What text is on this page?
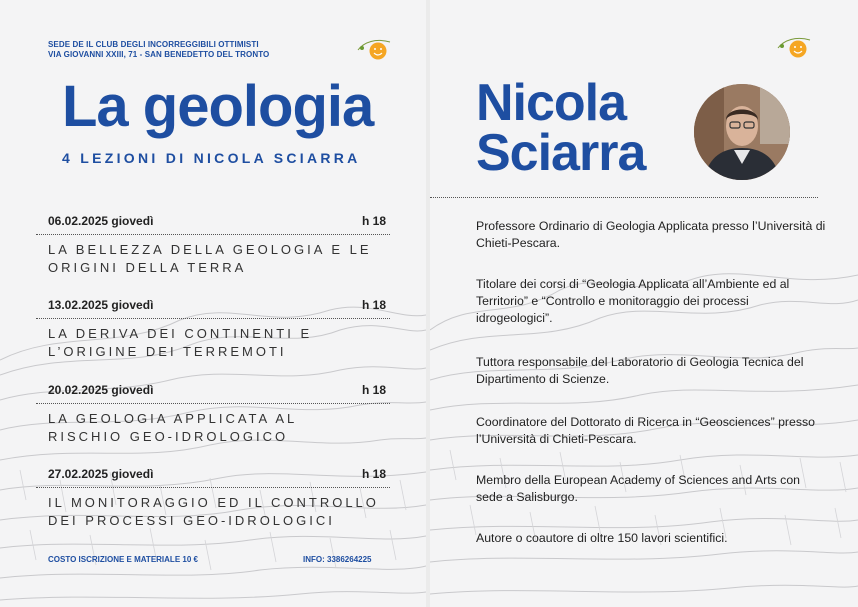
SEDE DE IL CLUB DEGLI INCORREGGIBILI OTTIMISTI
VIA GIOVANNI XXIII, 71 - SAN BENEDETTO DEL TRONTO
La geologia
4 LEZIONI DI NICOLA SCIARRA
06.02.2025 giovedì	h 18
LA BELLEZZA DELLA GEOLOGIA E LE
ORIGINI DELLA TERRA
13.02.2025 giovedì	h 18
LA DERIVA DEI CONTINENTI E
L’ORIGINE DEI TERREMOTI
20.02.2025 giovedì	h 18
LA GEOLOGIA APPLICATA AL
RISCHIO GEO-IDROLOGICO
27.02.2025 giovedì	h 18
IL MONITORAGGIO ED IL CONTROLLO
DEI PROCESSI GEO-IDROLOGICI
COSTO ISCRIZIONE E MATERIALE 10 €	INFO: 3386264225
Nicola
Sciarra
Professore Ordinario di Geologia Applicata presso l’Università di Chieti-Pescara.
Titolare dei corsi di “Geologia Applicata all’Ambiente ed al Territorio” e “Controllo e monitoraggio dei processi idrogeologici”.
Tuttora responsabile del Laboratorio di Geologia Tecnica del Dipartimento di Scienze.
Coordinatore del Dottorato di Ricerca in “Geosciences” presso l’Università di Chieti-Pescara.
Membro della European Academy of Sciences and Arts con sede a Salisburgo.
Autore o coautore di oltre 150 lavori scientifici.
